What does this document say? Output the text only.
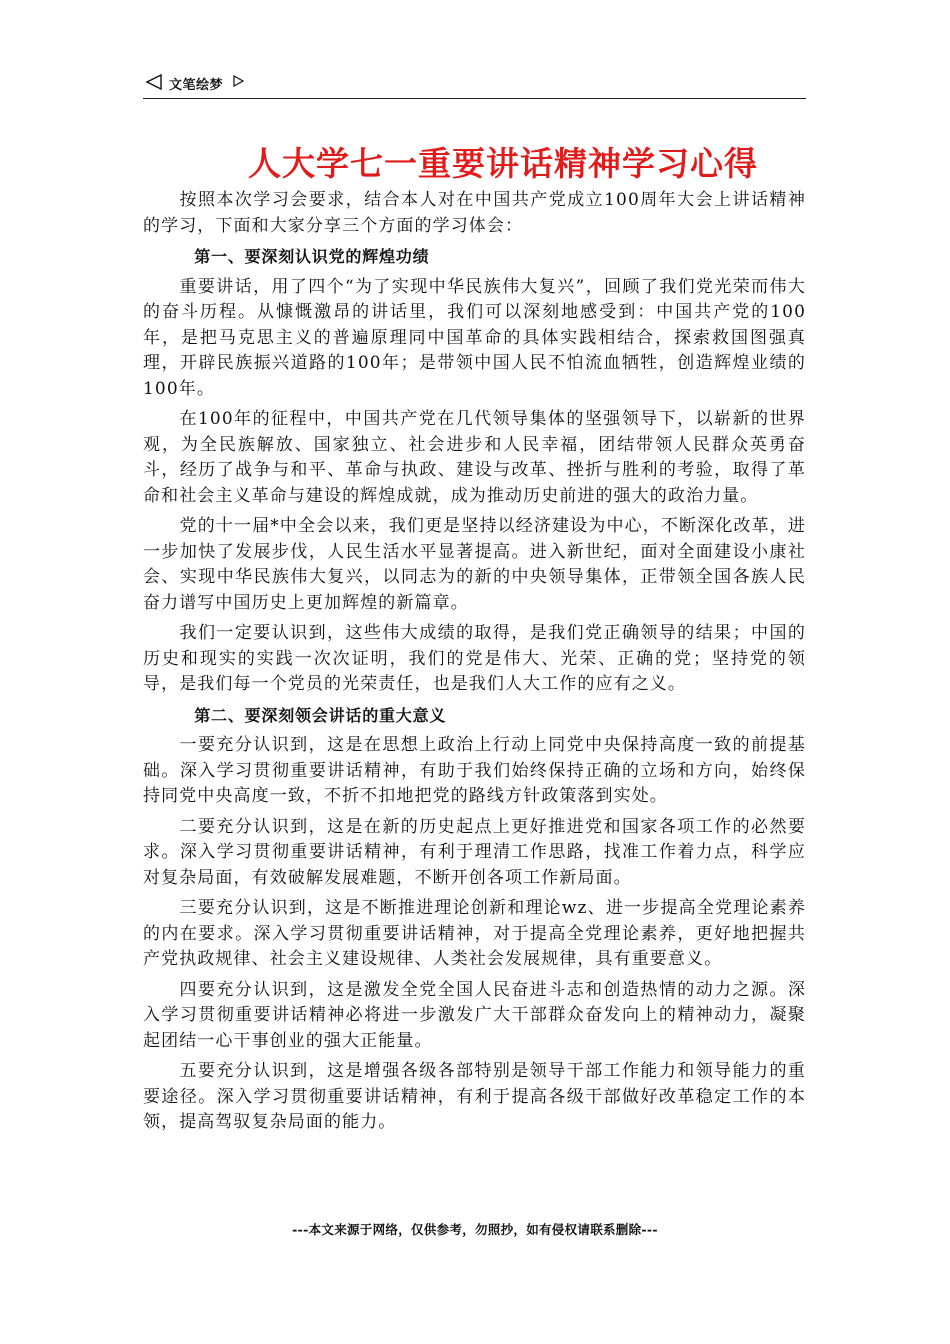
文笔绘梦
人大学七一重要讲话精神学习心得

按照本次学习会要求，结合本人对在中国共产党成立100周年大会上讲话精神的学习，下面和大家分享三个方面的学习体会：

第一、要深刻认识党的辉煌功绩

重要讲话，用了四个“为了实现中华民族伟大复兴”，回顾了我们党光荣而伟大的奋斗历程。从慷慨激昂的讲话里，我们可以深刻地感受到：中国共产党的100年，是把马克思主义的普遍原理同中国革命的具体实践相结合，探索救国图强真理，开辟民族振兴道路的100年；是带领中国人民不怕流血牺牲，创造辉煌业绩的100年。

在100年的征程中，中国共产党在几代领导集体的坚强领导下，以崭新的世界观，为全民族解放、国家独立、社会进步和人民幸福，团结带领人民群众英勇奋斗，经历了战争与和平、革命与执政、建设与改革、挫折与胜利的考验，取得了革命和社会主义革命与建设的辉煌成就，成为推动历史前进的强大的政治力量。

党的十一届*中全会以来，我们更是坚持以经济建设为中心，不断深化改革，进一步加快了发展步伐，人民生活水平显著提高。进入新世纪，面对全面建设小康社会、实现中华民族伟大复兴，以同志为的新的中央领导集体，正带领全国各族人民奋力谱写中国历史上更加辉煌的新篇章。

我们一定要认识到，这些伟大成绩的取得，是我们党正确领导的结果；中国的历史和现实的实践一次次证明，我们的党是伟大、光荣、正确的党；坚持党的领导，是我们每一个党员的光荣责任，也是我们人大工作的应有之义。

第二、要深刻领会讲话的重大意义

一要充分认识到，这是在思想上政治上行动上同党中央保持高度一致的前提基础。深入学习贯彻重要讲话精神，有助于我们始终保持正确的立场和方向，始终保持同党中央高度一致，不折不扣地把党的路线方针政策落到实处。

二要充分认识到，这是在新的历史起点上更好推进党和国家各项工作的必然要求。深入学习贯彻重要讲话精神，有利于理清工作思路，找准工作着力点，科学应对复杂局面，有效破解发展难题，不断开创各项工作新局面。

三要充分认识到，这是不断推进理论创新和理论wz、进一步提高全党理论素养的内在要求。深入学习贯彻重要讲话精神，对于提高全党理论素养，更好地把握共产党执政规律、社会主义建设规律、人类社会发展规律，具有重要意义。

四要充分认识到，这是激发全党全国人民奋进斗志和创造热情的动力之源。深入学习贯彻重要讲话精神必将进一步激发广大干部群众奋发向上的精神动力，凝聚起团结一心干事创业的强大正能量。

五要充分认识到，这是增强各级各部特别是领导干部工作能力和领导能力的重要途径。深入学习贯彻重要讲话精神，有利于提高各级干部做好改革稳定工作的本领，提高驾驭复杂局面的能力。

---本文来源于网络，仅供参考，勿照抄，如有侵权请联系删除---
